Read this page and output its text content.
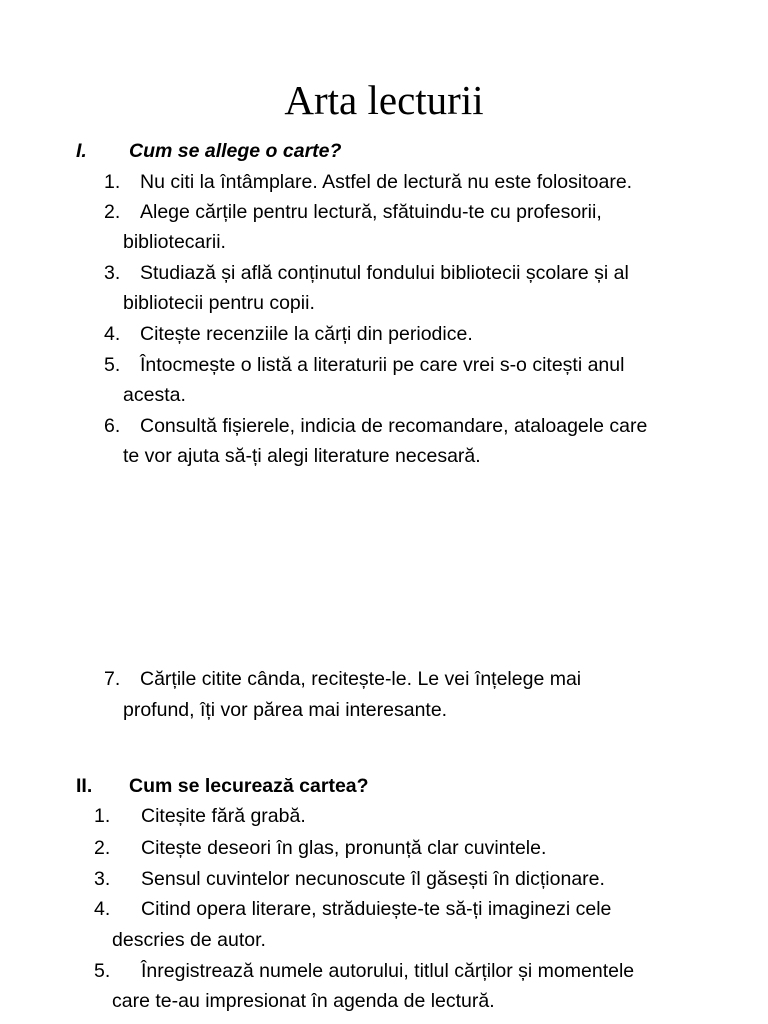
Arta lecturii
I. Cum se allege o carte?
1. Nu citi la întâmplare. Astfel de lectură nu este folositoare.
2. Alege cărțile pentru lectură, sfătuindu-te cu profesorii,
bibliotecarii.
3. Studiază și află conținutul fondului bibliotecii școlare și al
bibliotecii pentru copii.
4. Citește recenziile la cărți din periodice.
5. Întocmește o listă a literaturii pe care vrei s-o citești anul
acesta.
6. Consultă fișierele, indicia de recomandare, ataloagele care
te vor ajuta să-ți alegi literature necesară.
7. Cărțile citite cânda, recitește-le. Le vei înțelege mai
profund, îți vor părea mai interesante.
II. Cum se lecurează cartea?
1. Citeșite fără grabă.
2. Citește deseori în glas, pronunță clar cuvintele.
3. Sensul cuvintelor necunoscute îl găsești în dicționare.
4. Citind opera literare, străduiește-te să-ți imaginezi cele
descries de autor.
5. Înregistrează numele autorului, titlul cărților și momentele
care te-au impresionat în agenda de lectură.
